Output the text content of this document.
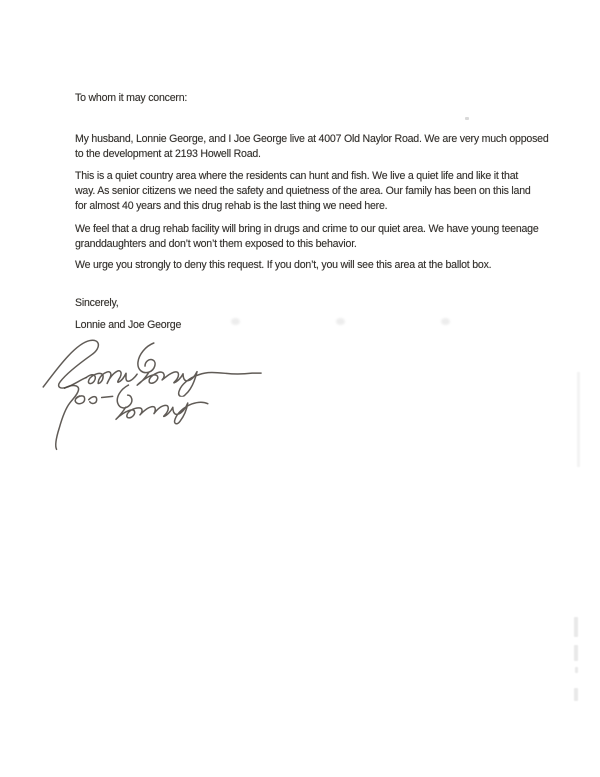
To whom it may concern:
My husband, Lonnie George, and I Joe George live at 4007 Old Naylor Road. We are very much opposed
to the development at 2193 Howell Road.
This is a quiet country area where the residents can hunt and fish. We live a quiet life and like it that
way. As senior citizens we need the safety and quietness of the area. Our family has been on this land
for almost 40 years and this drug rehab is the last thing we need here.
We feel that a drug rehab facility will bring in drugs and crime to our quiet area. We have young teenage
granddaughters and don’t won’t them exposed to this behavior.
We urge you strongly to deny this request. If you don’t, you will see this area at the ballot box.
Sincerely,
Lonnie and Joe George
